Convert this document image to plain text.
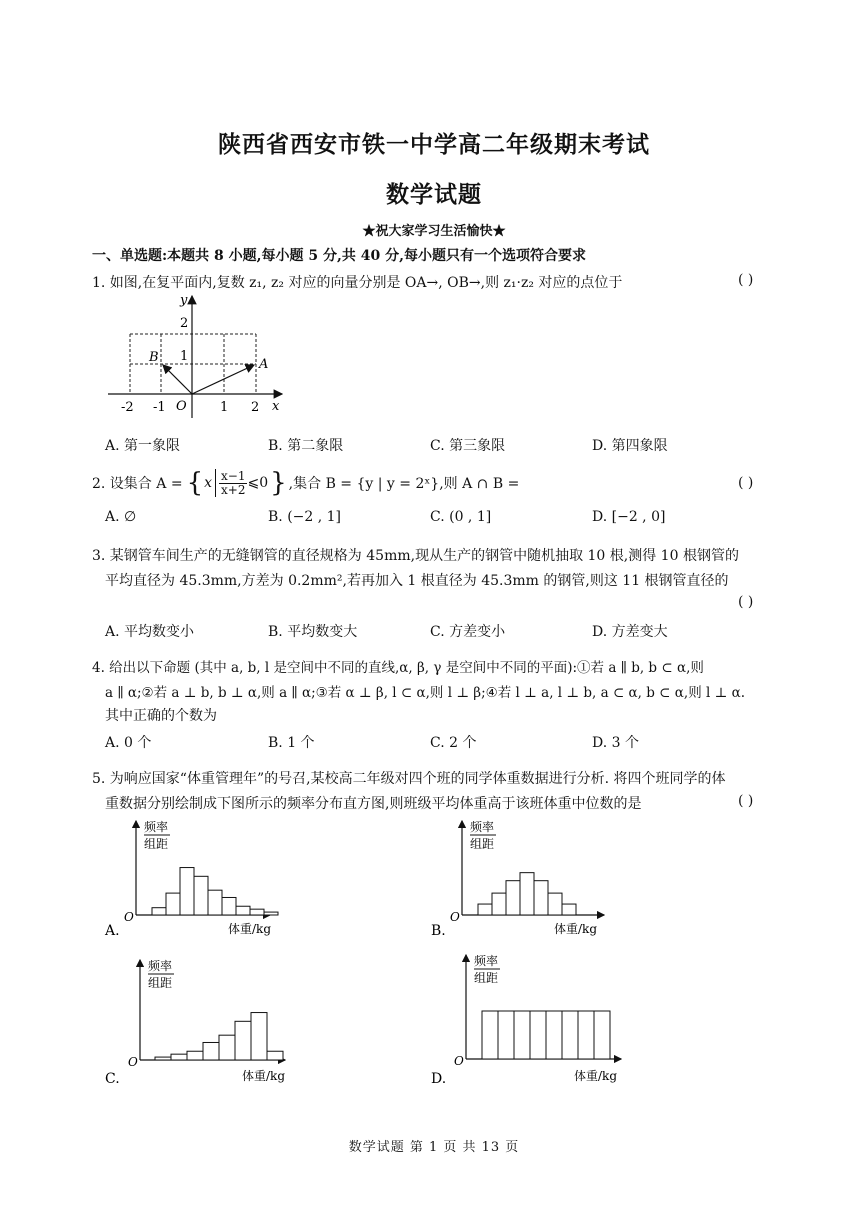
陕西省西安市铁一中学高二年级期末考试
数学试题
★祝大家学习生活愉快★
一、单选题:本题共 8 小题,每小题 5 分,共 40 分,每小题只有一个选项符合要求
1. 如图,在复平面内,复数 z₁, z₂ 对应的向量分别是 OA→, OB→,则 z₁·z₂ 对应的点位于	( )
y
x
O
2
1
-2 -1	1 2
A
B
A. 第一象限	B. 第二象限	C. 第三象限	D. 第四象限
2. 设集合 A = { x $\frac{x-1}{x+2}$ ⩽0 } ,集合 B = {y | y = 2ˣ},则 A ∩ B =	( )
A. ∅	B. (−2 , 1]	C. (0 , 1]	D. [−2 , 0]
3. 某钢管车间生产的无缝钢管的直径规格为 45mm,现从生产的钢管中随机抽取 10 根,测得 10 根钢管的
平均直径为 45.3mm,方差为 0.2mm²,若再加入 1 根直径为 45.3mm 的钢管,则这 11 根钢管直径的
( )
A. 平均数变小	B. 平均数变大	C. 方差变小	D. 方差变大
4. 给出以下命题 (其中 a, b, l 是空间中不同的直线,α, β, γ 是空间中不同的平面):①若 a ∥ b, b ⊂ α,则
a ∥ α;②若 a ⊥ b, b ⊥ α,则 a ∥ α;③若 α ⊥ β, l ⊂ α,则 l ⊥ β;④若 l ⊥ a, l ⊥ b, a ⊂ α, b ⊂ α,则 l ⊥ α.
其中正确的个数为
A. 0 个	B. 1 个	C. 2 个	D. 3 个
5. 为响应国家“体重管理年”的号召,某校高二年级对四个班的同学体重数据进行分析. 将四个班同学的体
重数据分别绘制成下图所示的频率分布直方图,则班级平均体重高于该班体重中位数的是	( )
频率
组距
O
体重/kg
A.
频率
组距
O
体重/kg
B.
频率
组距
O
体重/kg
C.
频率
组距
O
体重/kg
D.
数学试题 第 1 页 共 13 页
